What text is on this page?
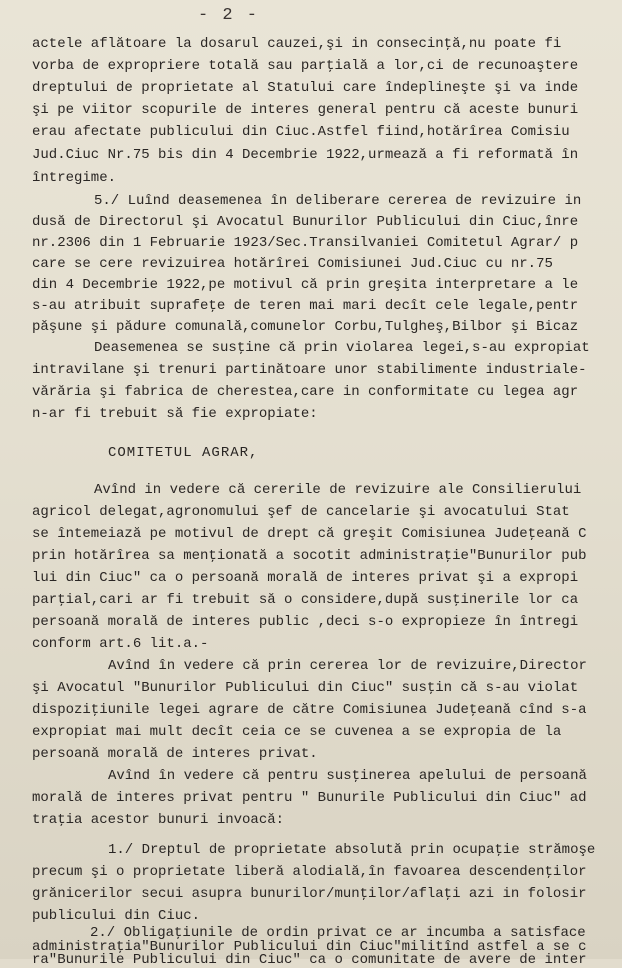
- 2 -
actele aflătoare la dosarul cauzei,şi in consecinţă,nu poate fi
vorba de expropriere totală sau parţială a lor,ci de recunoaştere
dreptului de proprietate al Statului care îndeplineşte şi va inde
şi pe viitor scopurile de interes general pentru că aceste bunuri
erau afectate publicului din Ciuc.Astfel fiind,hotărîrea Comisiu
Jud.Ciuc Nr.75 bis din 4 Decembrie 1922,urmează a fi reformată în
întregime.
5./ Luînd deasemenea în deliberare cererea de revizuire in
dusă de Directorul şi Avocatul Bunurilor Publicului din Ciuc,înre
nr.2306 din 1 Februarie 1923/Sec.Transilvaniei Comitetul Agrar/ p
care se cere revizuirea hotărîrei Comisiunei Jud.Ciuc cu nr.75
din 4 Decembrie 1922,pe motivul că prin greşita interpretare a le
s-au atribuit suprafeţe de teren mai mari decît cele legale,pentr
păşune şi pădure comunală,comunelor Corbu,Tulgheş,Bilbor şi Bicaz
Deasemenea se susţine că prin violarea legei,s-au expropiat
intravilane şi trenuri partinătoare unor stabilimente industriale-
vărăria şi fabrica de cherestea,care in conformitate cu legea agr
n-ar fi trebuit să fie expropiate:
COMITETUL AGRAR,
Avînd in vedere că cererile de revizuire ale Consilierului
agricol delegat,agronomului şef de cancelarie şi avocatului Stat
se întemeiază pe motivul de drept că greşit Comisiunea Judeţeană C
prin hotărîrea sa menţionată a socotit administraţie"Bunurilor pub
lui din Ciuc" ca o persoană morală de interes privat şi a expropi
parţial,cari ar fi trebuit să o considere,după susţinerile lor ca
persoană morală de interes public ,deci s-o expropieze în întregi
conform art.6 lit.a.-
Avînd în vedere că prin cererea lor de revizuire,Director
şi Avocatul "Bunurilor Publicului din Ciuc" susţin că s-au violat
dispoziţiunile legei agrare de către Comisiunea Judeţeană cînd s-a
expropiat mai mult decît ceia ce se cuvenea a se expropia de la
persoană morală de interes privat.
Avînd în vedere că pentru susţinerea apelului de persoană
morală de interes privat pentru " Bunurile Publicului din Ciuc" ad
traţia acestor bunuri invoacă:
1./ Dreptul de proprietate absolută prin ocupaţie strămoşe
precum şi o proprietate liberă alodială,în favoarea descendenţilor
grănicerilor secui asupra bunurilor/munţilor/aflaţi azi in folosir
publicului din Ciuc.
2./ Obligaţiunile de ordin privat ce ar incumba a satisface
administraţia"Bunurilor Publicului din Ciuc"militînd astfel a se c
ra"Bunurile Publicului din Ciuc" ca o comunitate de avere de inter
